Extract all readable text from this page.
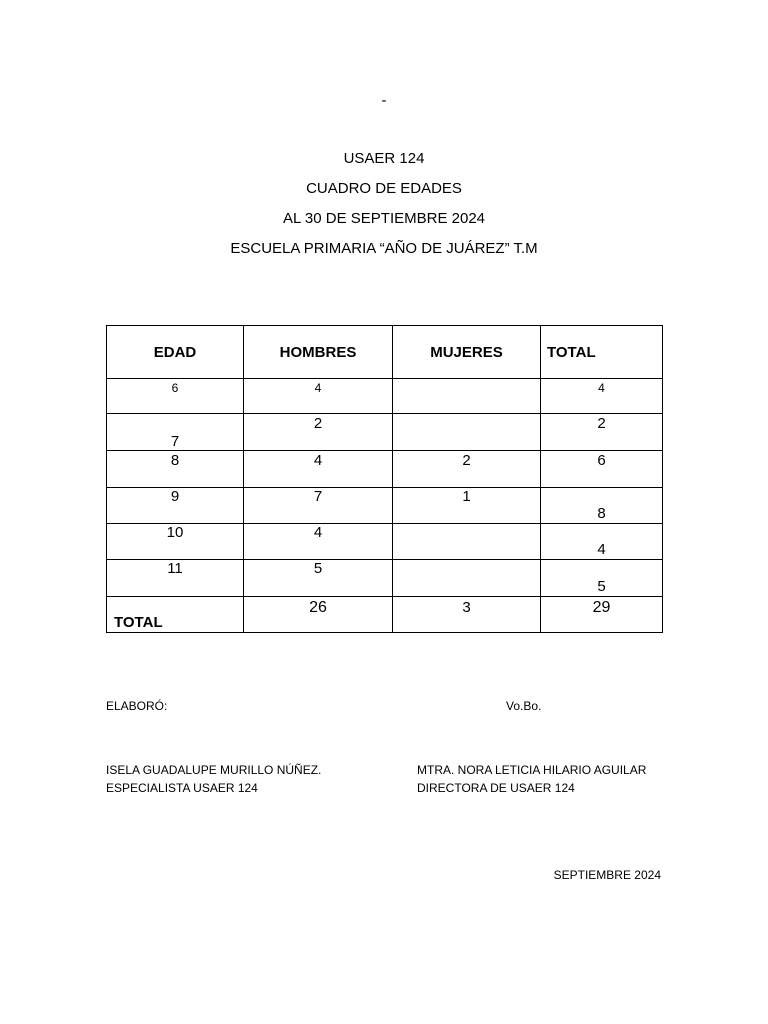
-
USAER 124
CUADRO DE EDADES
AL 30 DE SEPTIEMBRE 2024
ESCUELA PRIMARIA “AÑO DE JUÁREZ” T.M
EDAD	HOMBRES	MUJERES	TOTAL

6	4		4

7	2		2

8	4	2	6

9	7	1	8

10	4		4

11	5		5

TOTAL	26	3	29
ELABORÓ:	Vo.Bo.
ISELA GUADALUPE MURILLO NÚÑEZ.
ESPECIALISTA USAER 124
MTRA. NORA LETICIA HILARIO AGUILAR
DIRECTORA DE USAER 124
SEPTIEMBRE 2024
